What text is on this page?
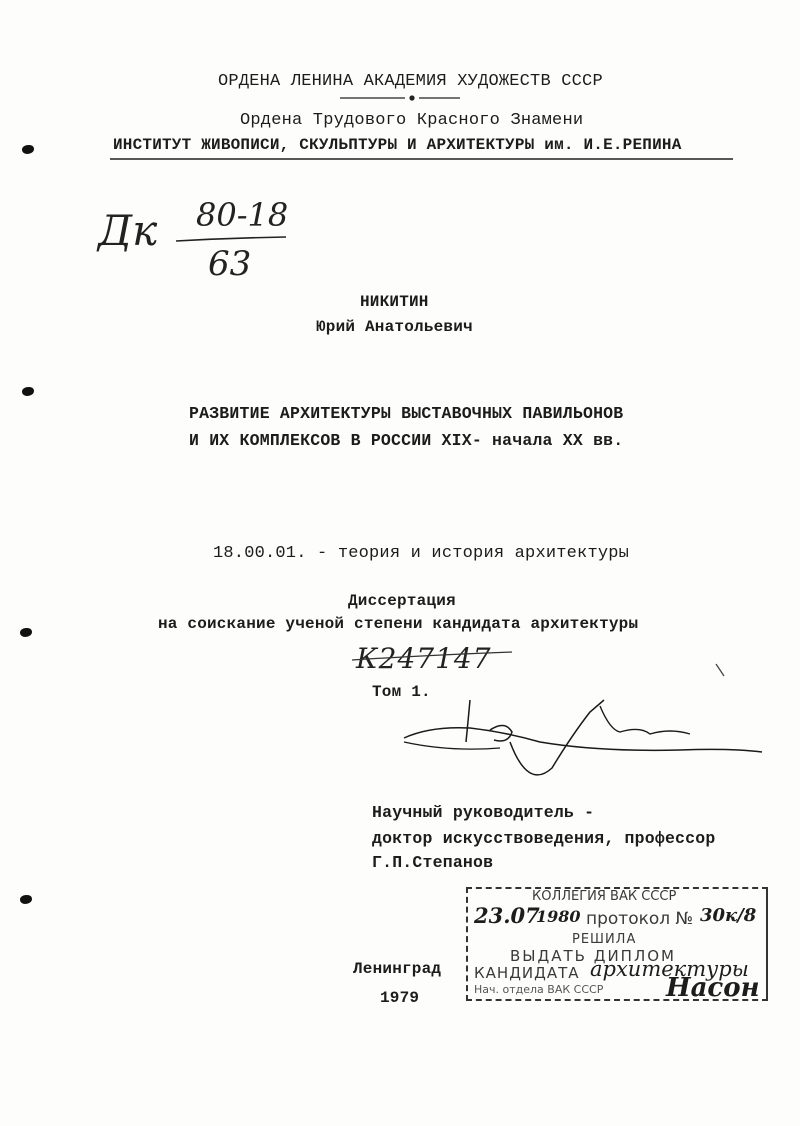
ОРДЕНА ЛЕНИНА АКАДЕМИЯ ХУДОЖЕСТВ СССР
Ордена Трудового Красного Знамени
ИНСТИТУТ ЖИВОПИСИ, СКУЛЬПТУРЫ И АРХИТЕКТУРЫ им. И.Е.РЕПИНА
Дк 80-18
63
НИКИТИН
Юрий Анатольевич
РАЗВИТИЕ АРХИТЕКТУРЫ ВЫСТАВОЧНЫХ ПАВИЛЬОНОВ
И ИХ КОМПЛЕКСОВ В РОССИИ XIX- начала XX вв.
18.00.01. - теория и история архитектуры
Диссертация
на соискание ученой степени кандидата архитектуры
К247147
Том 1.
Научный руководитель -
доктор искусствоведения, профессор
Г.П.Степанов
Ленинград
1979
КОЛЛЕГИЯ ВАК СССР
23.07
1980 протокол № 30к/8
РЕШИЛА
ВЫДАТЬ ДИПЛОМ
КАНДИДАТА архитектуры
Нач. отдела ВАК СССР Насон
